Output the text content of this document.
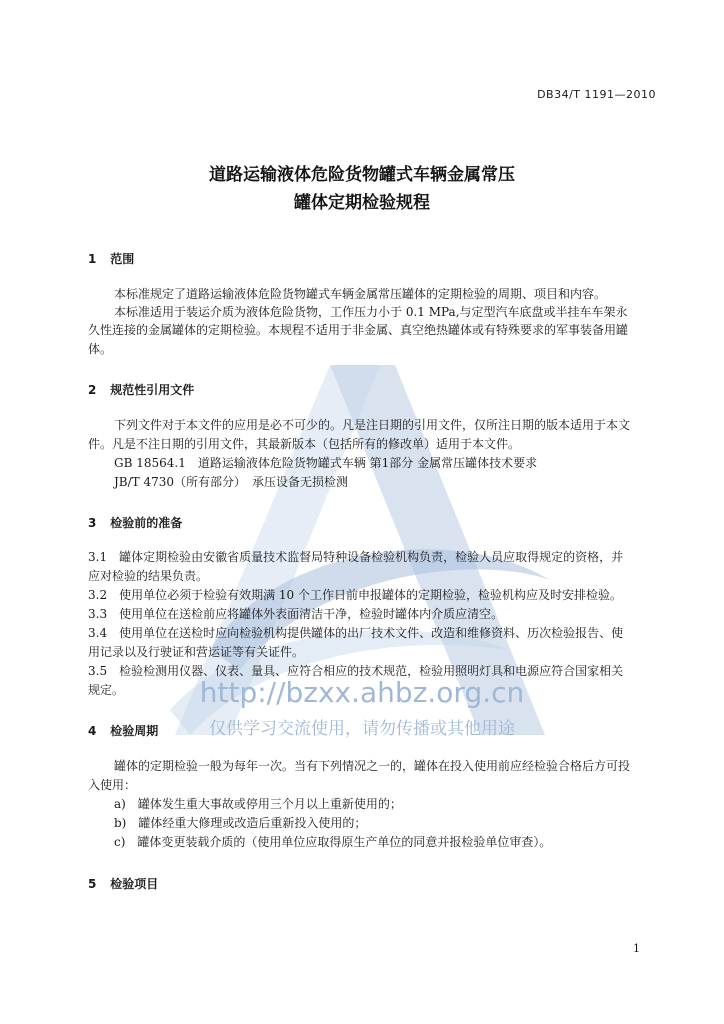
DB34/T 1191—2010
道路运输液体危险货物罐式车辆金属常压
罐体定期检验规程
1 范围
本标准规定了道路运输液体危险货物罐式车辆金属常压罐体的定期检验的周期、项目和内容。
本标准适用于装运介质为液体危险货物，工作压力小于 0.1 MPa,与定型汽车底盘或半挂车车架永
久性连接的金属罐体的定期检验。本规程不适用于非金属、真空绝热罐体或有特殊要求的军事装备用罐
体。
2 规范性引用文件
下列文件对于本文件的应用是必不可少的。凡是注日期的引用文件，仅所注日期的版本适用于本文
件。凡是不注日期的引用文件，其最新版本（包括所有的修改单）适用于本文件。
GB 18564.1　道路运输液体危险货物罐式车辆 第1部分 金属常压罐体技术要求
JB/T 4730（所有部分）　承压设备无损检测
3 检验前的准备
3.1　罐体定期检验由安徽省质量技术监督局特种设备检验机构负责，检验人员应取得规定的资格，并
应对检验的结果负责。
3.2　使用单位必须于检验有效期满 10 个工作日前申报罐体的定期检验，检验机构应及时安排检验。
3.3　使用单位在送检前应将罐体外表面清洁干净，检验时罐体内介质应清空。
3.4　使用单位在送检时应向检验机构提供罐体的出厂技术文件、改造和维修资料、历次检验报告、使
用记录以及行驶证和营运证等有关证件。
3.5　检验检测用仪器、仪表、量具、应符合相应的技术规范，检验用照明灯具和电源应符合国家相关
规定。	http://bzxx.ahbz.org.cn
仅供学习交流使用，请勿传播或其他用途
4 检验周期
罐体的定期检验一般为每年一次。当有下列情况之一的，罐体在投入使用前应经检验合格后方可投
入使用：
a)　罐体发生重大事故或停用三个月以上重新使用的；
b)　罐体经重大修理或改造后重新投入使用的；
c)　罐体变更装载介质的（使用单位应取得原生产单位的同意并报检验单位审查）。
5 检验项目
1
